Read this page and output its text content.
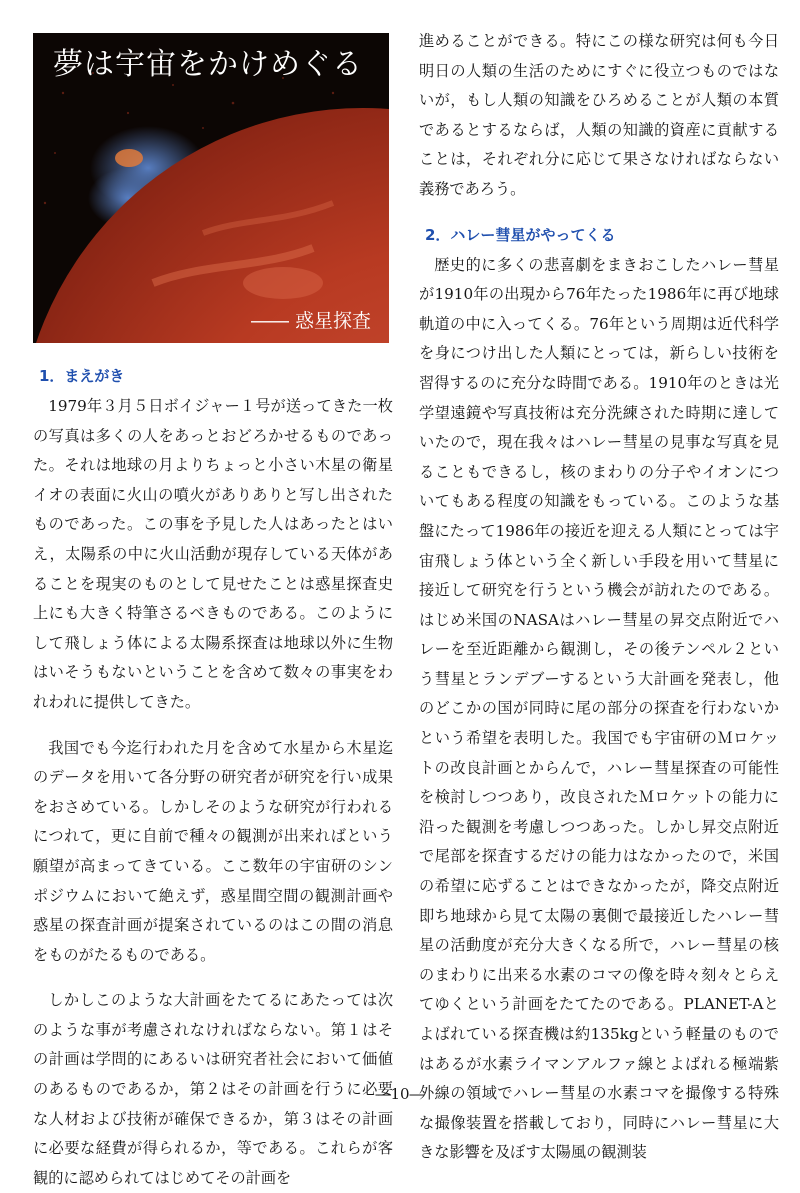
夢は宇宙をかけめぐる
―― 惑星探査
1．まえがき

1979年３月５日ボイジャー１号が送ってきた一枚の写真は多くの人をあっとおどろかせるものであった。それは地球の月よりちょっと小さい木星の衛星イオの表面に火山の噴火がありありと写し出されたものであった。この事を予見した人はあったとはいえ，太陽系の中に火山活動が現存している天体があることを現実のものとして見せたことは惑星探査史上にも大きく特筆さるべきものである。このようにして飛しょう体による太陽系探査は地球以外に生物はいそうもないということを含めて数々の事実をわれわれに提供してきた。

我国でも今迄行われた月を含めて水星から木星迄のデータを用いて各分野の研究者が研究を行い成果をおさめている。しかしそのような研究が行われるにつれて，更に自前で種々の観測が出来ればという願望が高まってきている。ここ数年の宇宙研のシンポジウムにおいて絶えず，惑星間空間の観測計画や惑星の探査計画が提案されているのはこの間の消息をものがたるものである。

しかしこのような大計画をたてるにあたっては次のような事が考慮されなければならない。第１はその計画は学問的にあるいは研究者社会において価値のあるものであるか，第２はその計画を行うに必要な人材および技術が確保できるか，第３はその計画に必要な経費が得られるか，等である。これらが客観的に認められてはじめてその計画を

進めることができる。特にこの様な研究は何も今日明日の人類の生活のためにすぐに役立つものではないが，もし人類の知識をひろめることが人類の本質であるとするならば，人類の知識的資産に貢献することは，それぞれ分に応じて果さなければならない義務であろう。

2．ハレー彗星がやってくる

歴史的に多くの悲喜劇をまきおこしたハレー彗星が1910年の出現から76年たった1986年に再び地球軌道の中に入ってくる。76年という周期は近代科学を身につけ出した人類にとっては，新らしい技術を習得するのに充分な時間である。1910年のときは光学望遠鏡や写真技術は充分洗練された時期に達していたので，現在我々はハレー彗星の見事な写真を見ることもできるし，核のまわりの分子やイオンについてもある程度の知識をもっている。このような基盤にたって1986年の接近を迎える人類にとっては宇宙飛しょう体という全く新しい手段を用いて彗星に接近して研究を行うという機会が訪れたのである。はじめ米国のNASAはハレー彗星の昇交点附近でハレーを至近距離から観測し，その後テンペル２という彗星とランデブーするという大計画を発表し，他のどこかの国が同時に尾の部分の探査を行わないかという希望を表明した。我国でも宇宙研のＭロケットの改良計画とからんで，ハレー彗星探査の可能性を検討しつつあり，改良されたＭロケットの能力に沿った観測を考慮しつつあった。しかし昇交点附近で尾部を探査するだけの能力はなかったので，米国の希望に応ずることはできなかったが，降交点附近即ち地球から見て太陽の裏側で最接近したハレー彗星の活動度が充分大きくなる所で，ハレー彗星の核のまわりに出来る水素のコマの像を時々刻々とらえてゆくという計画をたてたのである。PLANET-Aとよばれている探査機は約135kgという軽量のものではあるが水素ライマンアルファ線とよばれる極端紫外線の領域でハレー彗星の水素コマを撮像する特殊な撮像装置を搭載しており，同時にハレー彗星に大きな影響を及ぼす太陽風の観測装

―10―
